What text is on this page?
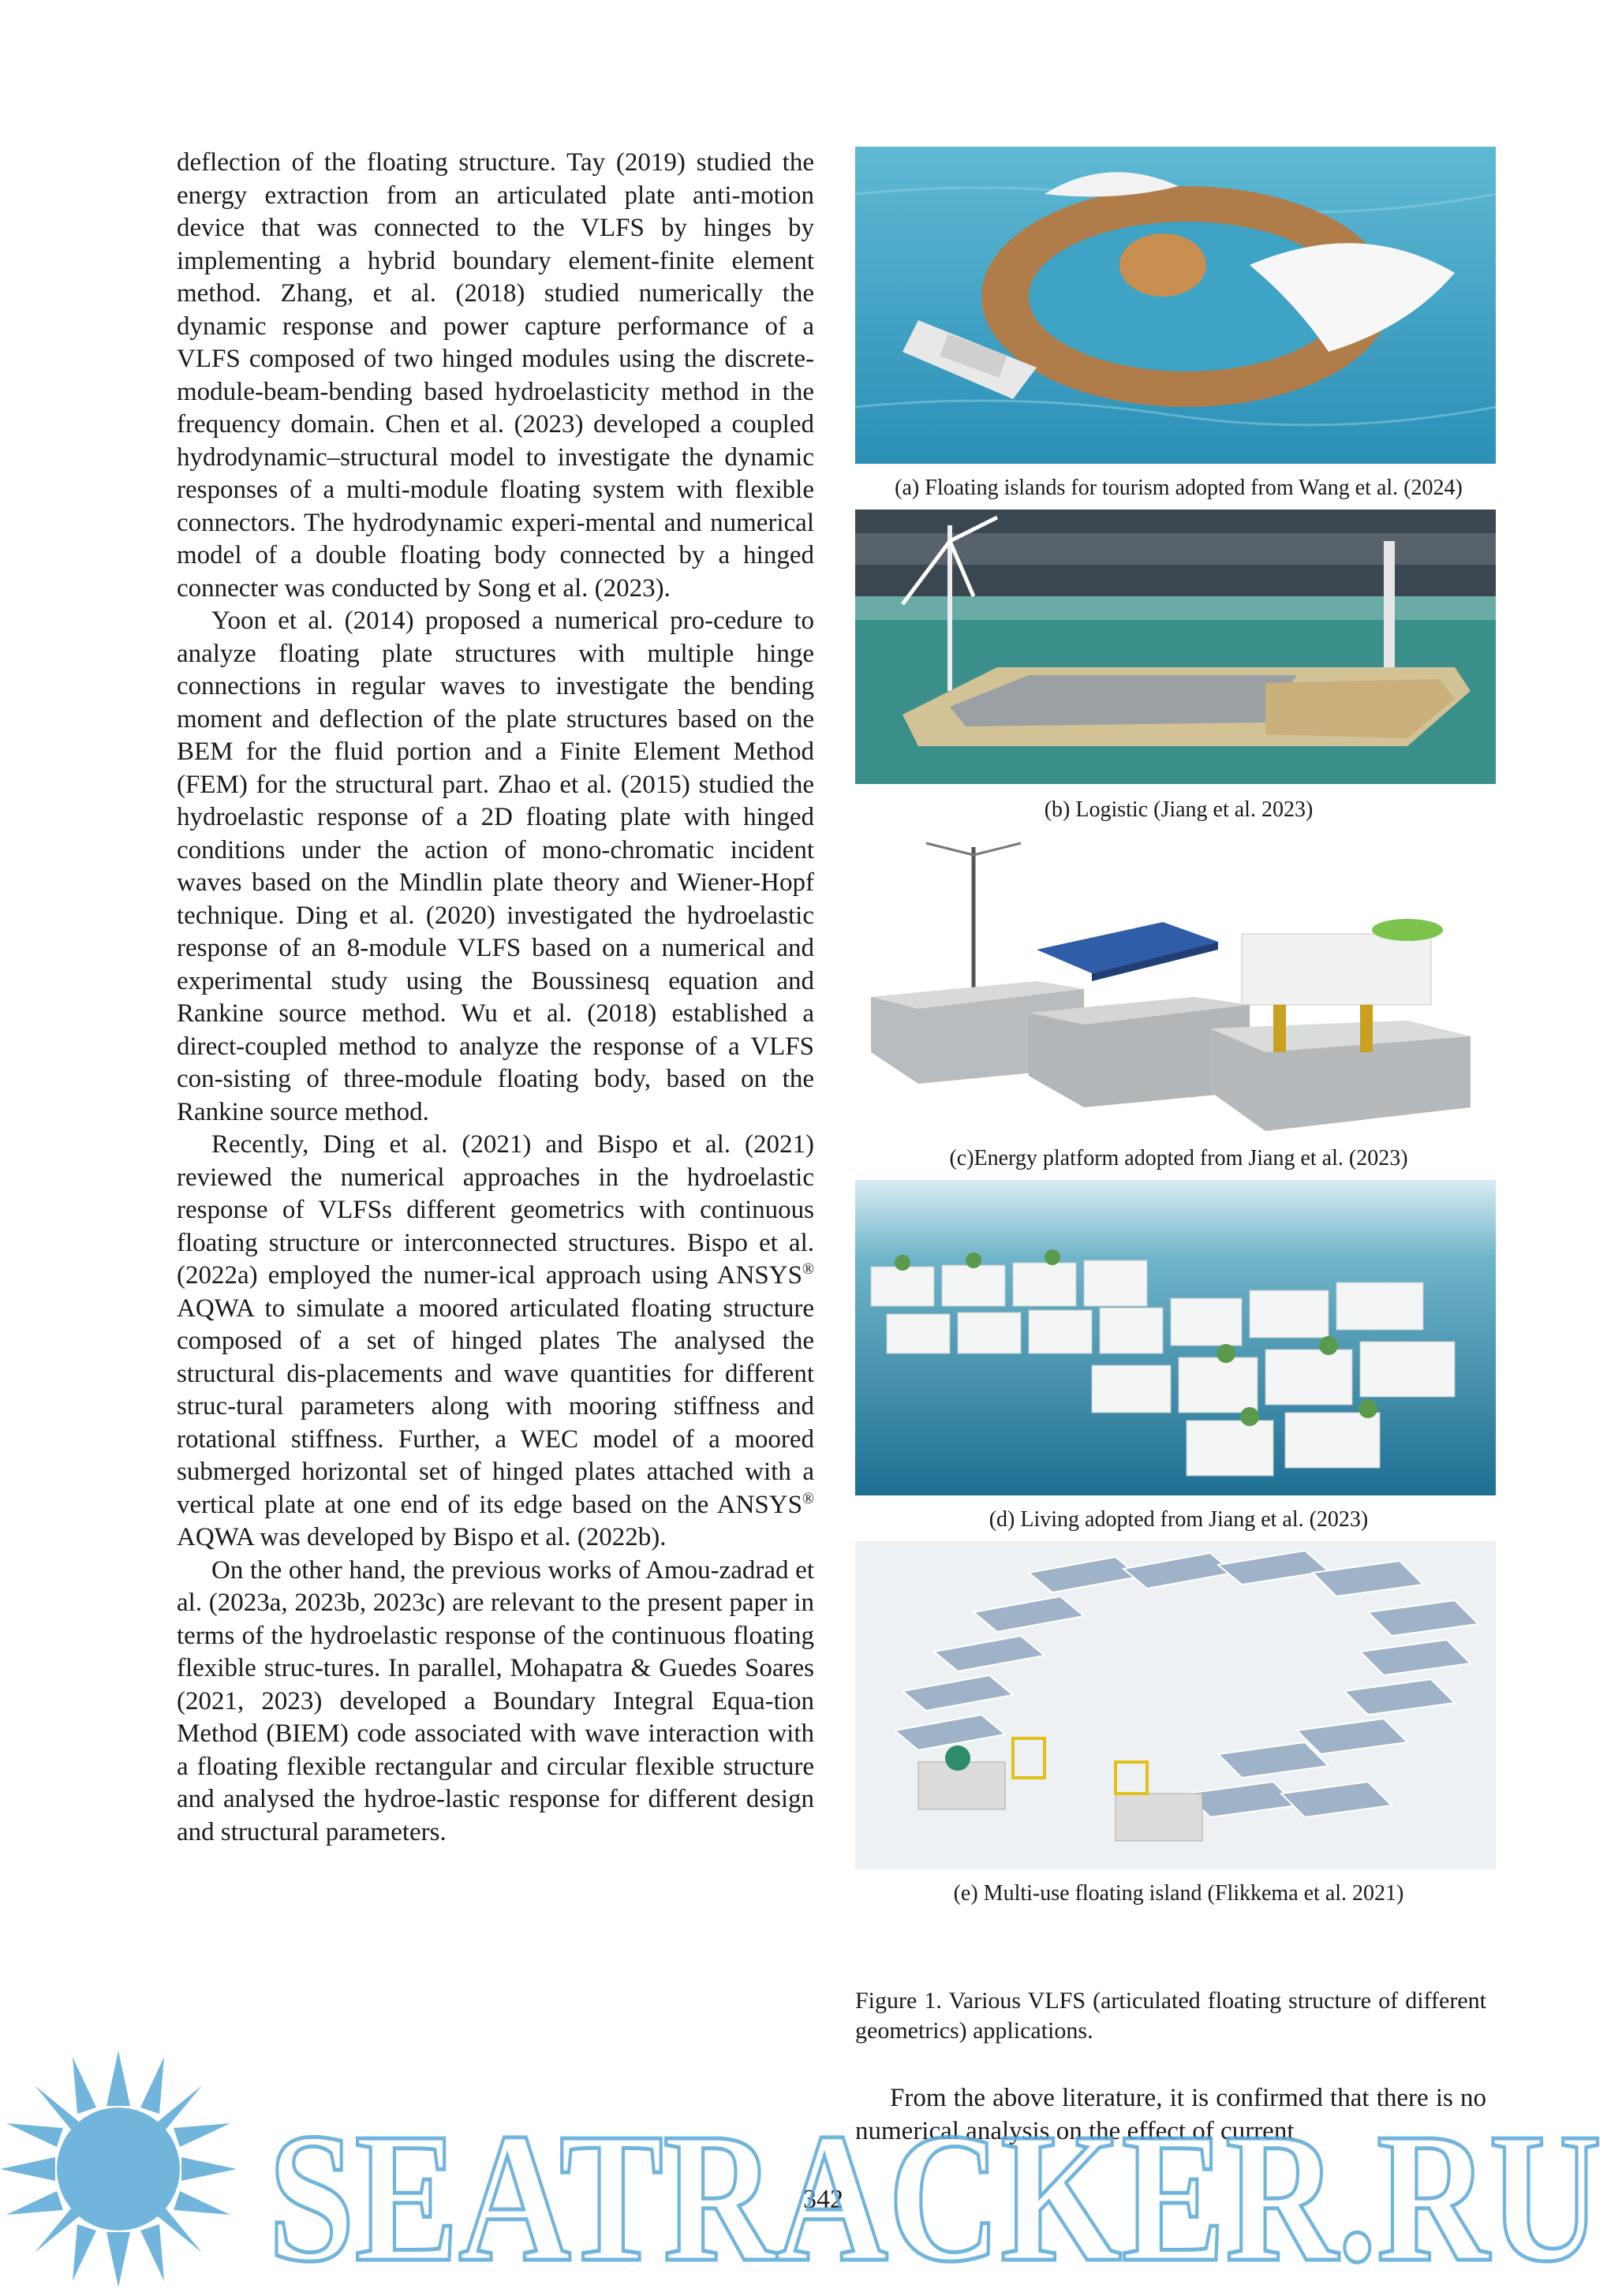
deflection of the floating structure. Tay (2019) studied the energy extraction from an articulated plate anti-motion device that was connected to the VLFS by hinges by implementing a hybrid boundary element-finite element method. Zhang, et al. (2018) studied numerically the dynamic response and power capture performance of a VLFS composed of two hinged modules using the discrete-module-beam-bending based hydroelasticity method in the frequency domain. Chen et al. (2023) developed a coupled hydrodynamic–structural model to investigate the dynamic responses of a multi-module floating system with flexible connectors. The hydrodynamic experi-mental and numerical model of a double floating body connected by a hinged connecter was conducted by Song et al. (2023).

Yoon et al. (2014) proposed a numerical pro-cedure to analyze floating plate structures with multiple hinge connections in regular waves to investigate the bending moment and deflection of the plate structures based on the BEM for the fluid portion and a Finite Element Method (FEM) for the structural part. Zhao et al. (2015) studied the hydroelastic response of a 2D floating plate with hinged conditions under the action of mono-chromatic incident waves based on the Mindlin plate theory and Wiener-Hopf technique. Ding et al. (2020) investigated the hydroelastic response of an 8-module VLFS based on a numerical and experimental study using the Boussinesq equation and Rankine source method. Wu et al. (2018) established a direct-coupled method to analyze the response of a VLFS con-sisting of three-module floating body, based on the Rankine source method.

Recently, Ding et al. (2021) and Bispo et al. (2021) reviewed the numerical approaches in the hydroelastic response of VLFSs different geometrics with continuous floating structure or interconnected structures. Bispo et al. (2022a) employed the numer-ical approach using ANSYS® AQWA to simulate a moored articulated floating structure composed of a set of hinged plates The analysed the structural dis-placements and wave quantities for different struc-tural parameters along with mooring stiffness and rotational stiffness. Further, a WEC model of a moored submerged horizontal set of hinged plates attached with a vertical plate at one end of its edge based on the ANSYS® AQWA was developed by Bispo et al. (2022b).

On the other hand, the previous works of Amou-zadrad et al. (2023a, 2023b, 2023c) are relevant to the present paper in terms of the hydroelastic response of the continuous floating flexible struc-tures. In parallel, Mohapatra & Guedes Soares (2021, 2023) developed a Boundary Integral Equa-tion Method (BIEM) code associated with wave interaction with a floating flexible rectangular and circular flexible structure and analysed the hydroe-lastic response for different design and structural parameters.

(a) Floating islands for tourism adopted from Wang et al. (2024)

(b) Logistic (Jiang et al. 2023)

(c)Energy platform adopted from Jiang et al. (2023)

(d) Living adopted from Jiang et al. (2023)

(e) Multi-use floating island (Flikkema et al. 2021)

Figure 1. Various VLFS (articulated floating structure of different geometrics) applications.

From the above literature, it is confirmed that there is no numerical analysis on the effect of current

342
SEATRACKER.RU
